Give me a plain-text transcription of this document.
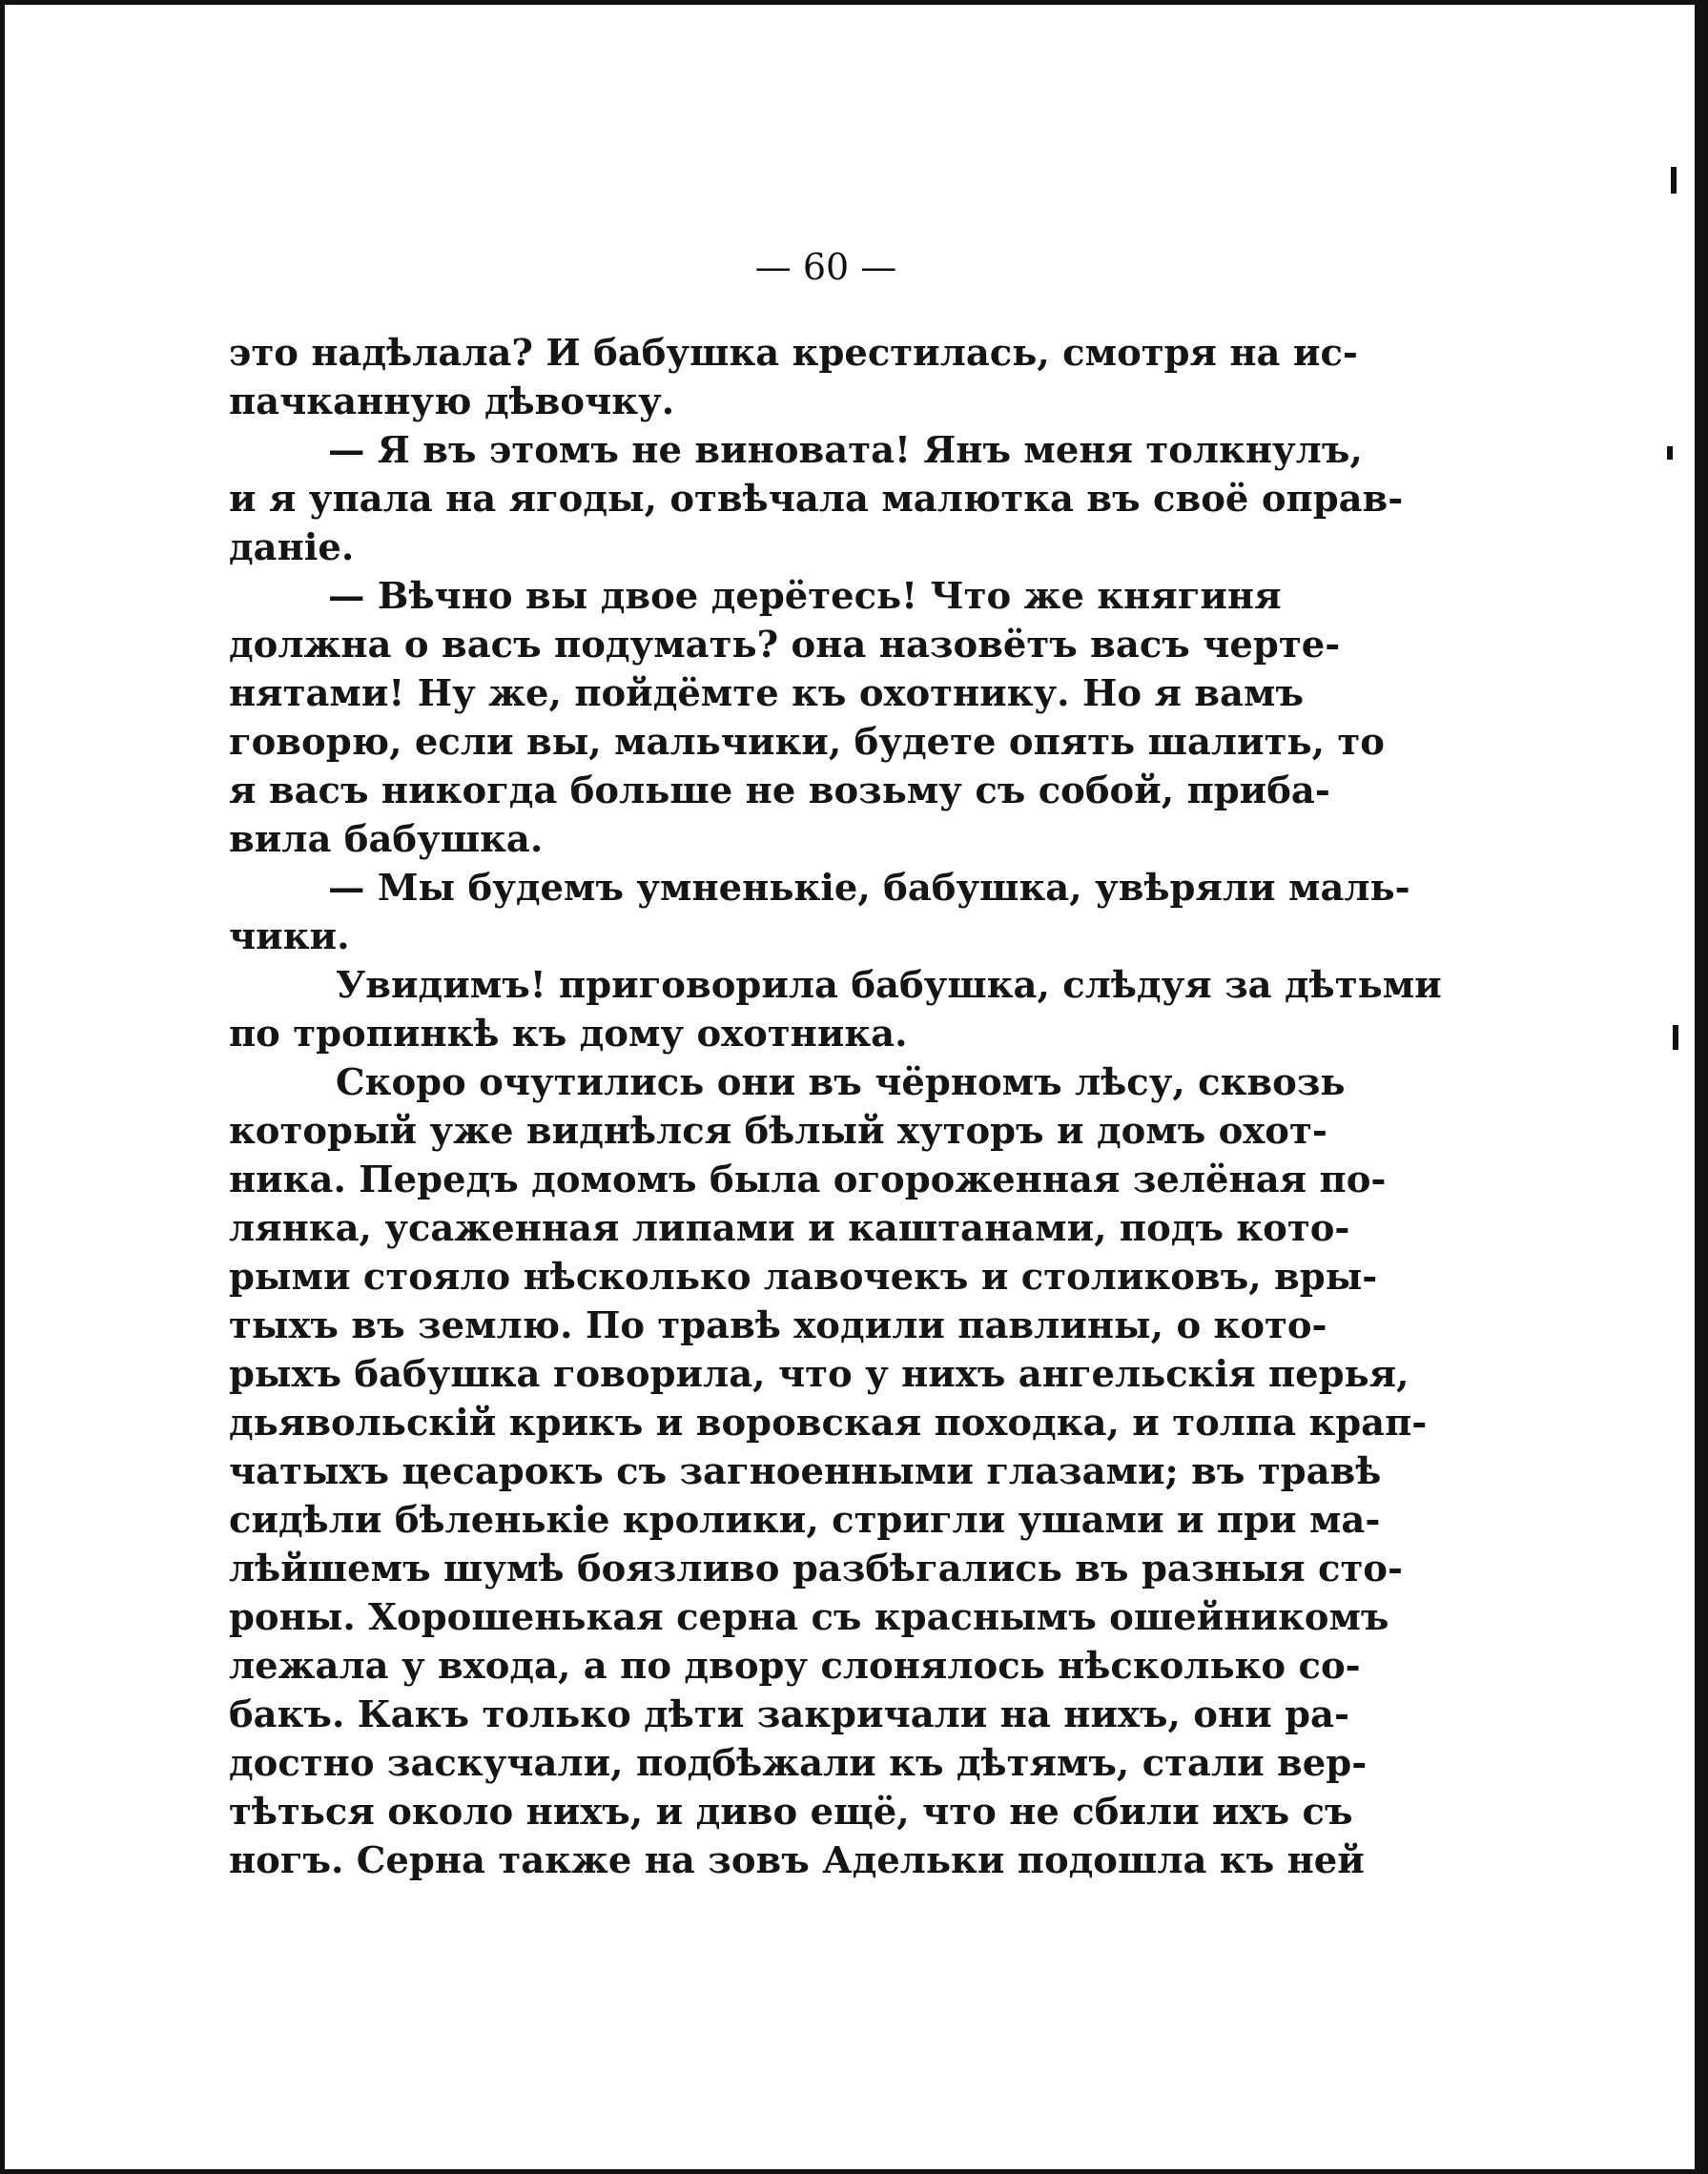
— 60 —
это надѣлала? И бабушка крестилась, смотря на ис-
пачканную дѣвочку.
— Я въ этомъ не виновата! Янъ меня толкнулъ,
и я упала на ягоды, отвѣчала малютка въ своё оправ-
даніе.
— Вѣчно вы двое дерётесь! Что же княгиня
должна о васъ подумать? она назовётъ васъ черте-
нятами! Ну же, пойдёмте къ охотнику. Но я вамъ
говорю, если вы, мальчики, будете опять шалить, то
я васъ никогда больше не возьму съ собой, приба-
вила бабушка.
— Мы будемъ умненькіе, бабушка, увѣряли маль-
чики.
Увидимъ! приговорила бабушка, слѣдуя за дѣтьми
по тропинкѣ къ дому охотника.
Скоро очутились они въ чёрномъ лѣсу, сквозь
который уже виднѣлся бѣлый хуторъ и домъ охот-
ника. Передъ домомъ была огороженная зелёная по-
лянка, усаженная липами и каштанами, подъ кото-
рыми стояло нѣсколько лавочекъ и столиковъ, вры-
тыхъ въ землю. По травѣ ходили павлины, о кото-
рыхъ бабушка говорила, что у нихъ ангельскія перья,
дьявольскій крикъ и воровская походка, и толпа крап-
чатыхъ цесарокъ съ загноенными глазами; въ травѣ
сидѣли бѣленькіе кролики, стригли ушами и при ма-
лѣйшемъ шумѣ боязливо разбѣгались въ разныя сто-
роны. Хорошенькая серна съ краснымъ ошейникомъ
лежала у входа, а по двору слонялось нѣсколько со-
бакъ. Какъ только дѣти закричали на нихъ, они ра-
достно заскучали, подбѣжали къ дѣтямъ, стали вер-
тѣться около нихъ, и диво ещё, что не сбили ихъ съ
ногъ. Серна также на зовъ Адельки подошла къ ней
